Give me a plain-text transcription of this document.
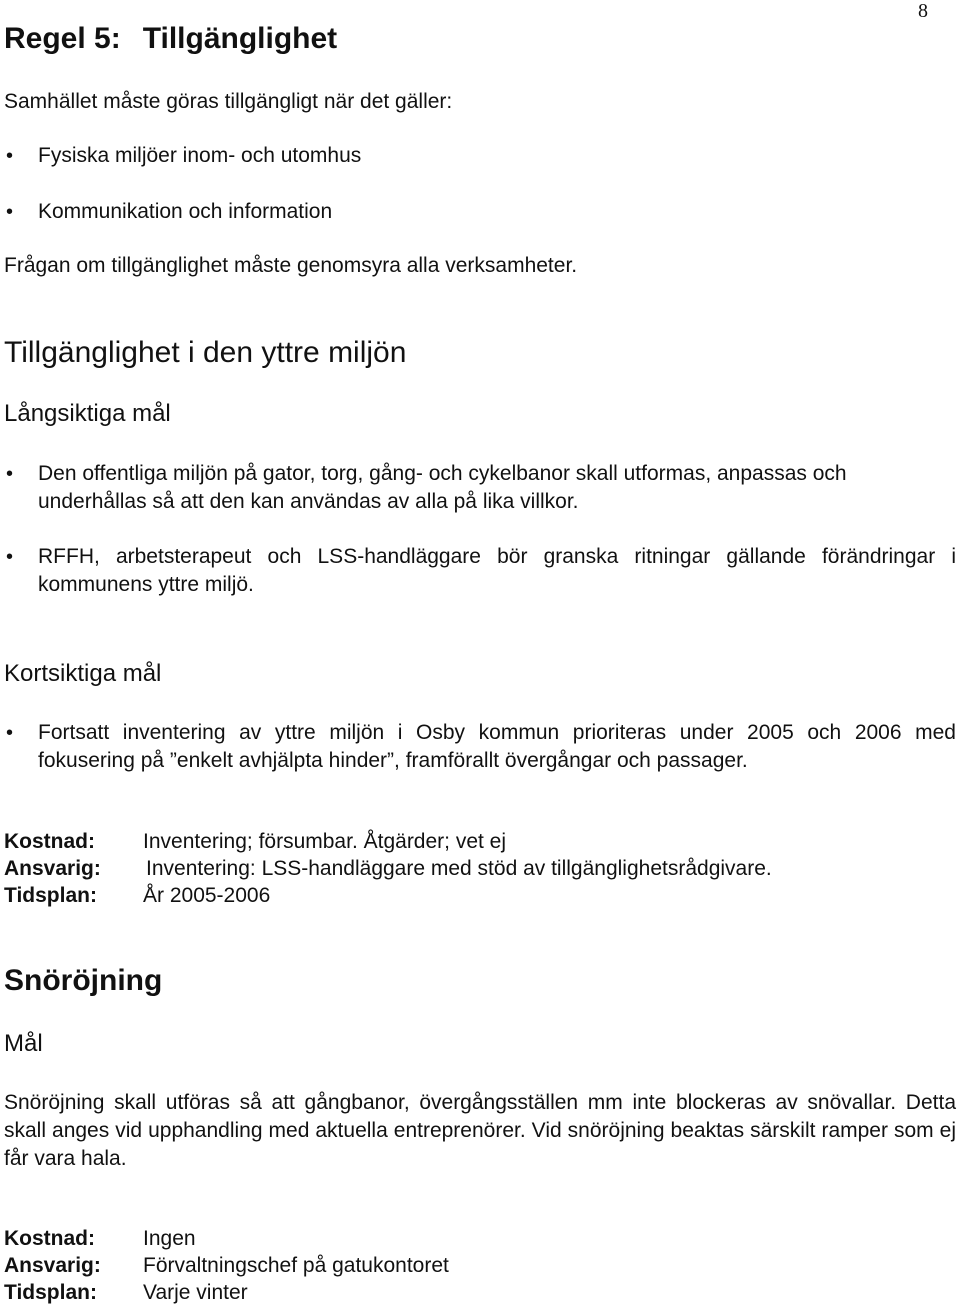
8
Regel 5: Tillgänglighet

Samhället måste göras tillgängligt när det gäller:

• Fysiska miljöer inom- och utomhus

• Kommunikation och information

Frågan om tillgänglighet måste genomsyra alla verksamheter.

Tillgänglighet i den yttre miljön
Långsiktiga mål
• Den offentliga miljön på gator, torg, gång- och cykelbanor skall utformas, anpassas och underhållas så att den kan användas av alla på lika villkor.

• RFFH, arbetsterapeut och LSS-handläggare bör granska ritningar gällande förändringar i kommunens yttre miljö.

Kortsiktiga mål
• Fortsatt inventering av yttre miljön i Osby kommun prioriteras under 2005 och 2006 med fokusering på ”enkelt avhjälpta hinder”, framförallt övergångar och passager.

Kostnad: Inventering; försumbar. Åtgärder; vet ej
Ansvarig: Inventering: LSS-handläggare med stöd av tillgänglighetsrådgivare.
Tidsplan: År 2005-2006
Snöröjning
Mål

Snöröjning skall utföras så att gångbanor, övergångsställen mm inte blockeras av snövallar. Detta skall anges vid upphandling med aktuella entreprenörer. Vid snöröjning beaktas särskilt ramper som ej får vara hala.

Kostnad: Ingen
Ansvarig: Förvaltningschef på gatukontoret
Tidsplan: Varje vinter
